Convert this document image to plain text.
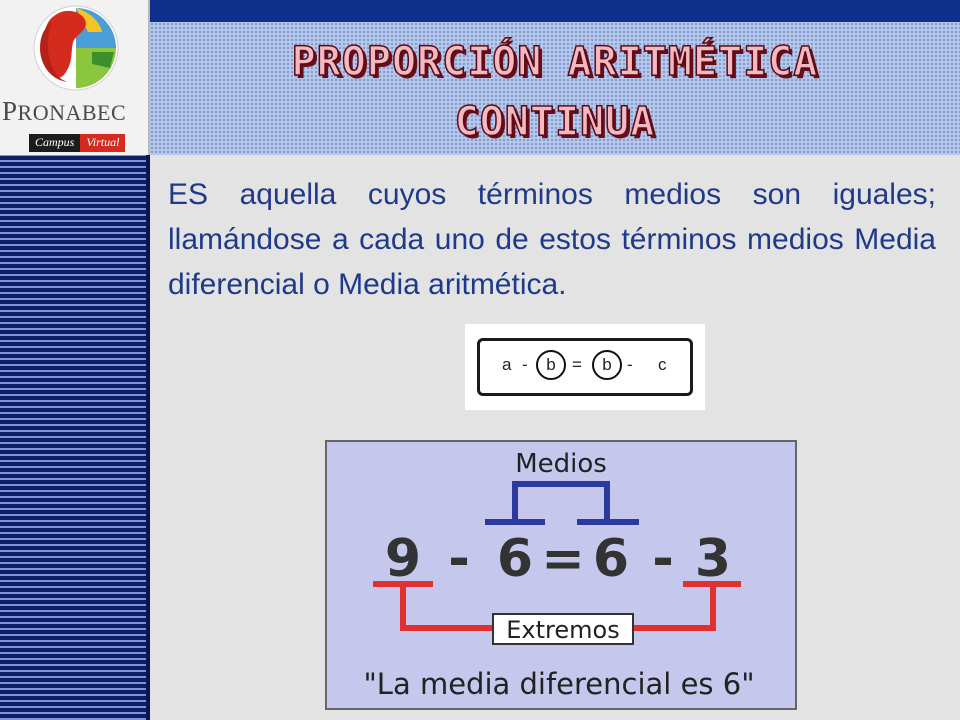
PRONABEC
Campus	Virtual
PROPORCIÓN ARITMÉTICA
CONTINUA
ES aquella cuyos términos medios son iguales; llamándose a cada uno de estos términos medios Media diferencial o Media aritmética.
a -	b =	b - c
Medios
9 - 6 = 6 - 3
Extremos
"La media diferencial es 6"
